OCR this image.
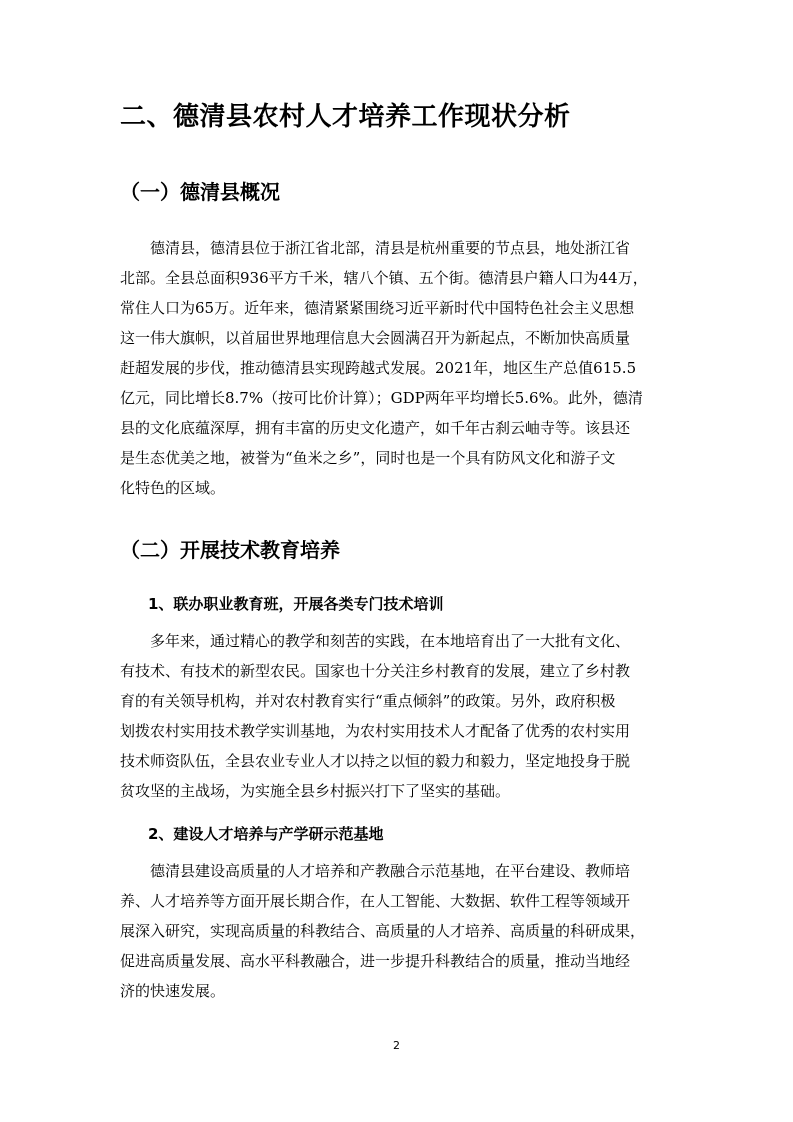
二、德清县农村人才培养工作现状分析
（一）德清县概况
德清县，德清县位于浙江省北部，清县是杭州重要的节点县，地处浙江省
北部。全县总面积936平方千米，辖八个镇、五个街。德清县户籍人口为44万，
常住人口为65万。近年来，德清紧紧围绕习近平新时代中国特色社会主义思想
这一伟大旗帜，以首届世界地理信息大会圆满召开为新起点，不断加快高质量
赶超发展的步伐，推动德清县实现跨越式发展。2021年，地区生产总值615.5
亿元，同比增长8.7%（按可比价计算）；GDP两年平均增长5.6%。此外，德清
县的文化底蕴深厚，拥有丰富的历史文化遗产，如千年古刹云岫寺等。该县还
是生态优美之地，被誉为“鱼米之乡”，同时也是一个具有防风文化和游子文
化特色的区域。
（二）开展技术教育培养
1、联办职业教育班，开展各类专门技术培训
多年来，通过精心的教学和刻苦的实践，在本地培育出了一大批有文化、
有技术、有技术的新型农民。国家也十分关注乡村教育的发展，建立了乡村教
育的有关领导机构，并对农村教育实行“重点倾斜”的政策。另外，政府积极
划拨农村实用技术教学实训基地，为农村实用技术人才配备了优秀的农村实用
技术师资队伍，全县农业专业人才以持之以恒的毅力和毅力，坚定地投身于脱
贫攻坚的主战场，为实施全县乡村振兴打下了坚实的基础。
2、建设人才培养与产学研示范基地
德清县建设高质量的人才培养和产教融合示范基地，在平台建设、教师培
养、人才培养等方面开展长期合作，在人工智能、大数据、软件工程等领域开
展深入研究，实现高质量的科教结合、高质量的人才培养、高质量的科研成果，
促进高质量发展、高水平科教融合，进一步提升科教结合的质量，推动当地经
济的快速发展。
2
